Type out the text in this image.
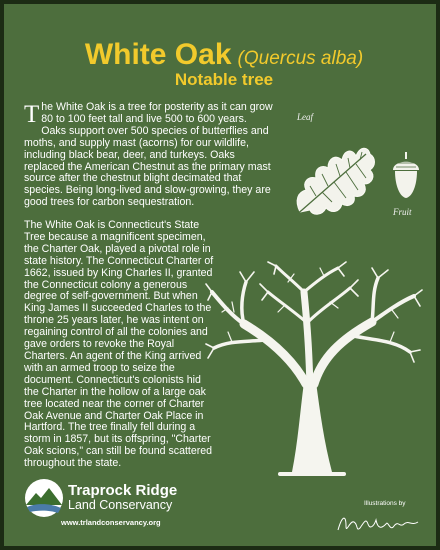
White Oak (Quercus alba)
Notable tree

The White Oak is a tree for posterity as it can grow 80 to 100 feet tall and live 500 to 600 years. Oaks support over 500 species of butterflies and moths, and supply mast (acorns) for our wildlife, including black bear, deer, and turkeys. Oaks replaced the American Chestnut as the primary mast source after the chestnut blight decimated that species. Being long-lived and slow-growing, they are good trees for carbon sequestration.

The White Oak is Connecticut's State Tree because a magnificent specimen, the Charter Oak, played a pivotal role in state history. The Connecticut Charter of 1662, issued by King Charles II, granted the Connecticut colony a generous degree of self-government. But when King James II succeeded Charles to the throne 25 years later, he was intent on regaining control of all the colonies and gave orders to revoke the Royal Charters. An agent of the King arrived with an armed troop to seize the document. Connecticut's colonists hid the Charter in the hollow of a large oak tree located near the corner of Charter Oak Avenue and Charter Oak Place in Hartford. The tree finally fell during a storm in 1857, but its offspring, "Charter Oak scions," can still be found scattered throughout the state.

Leaf
Fruit
Traprock Ridge
Land Conservancy
www.trlandconservancy.org
Illustrations by
